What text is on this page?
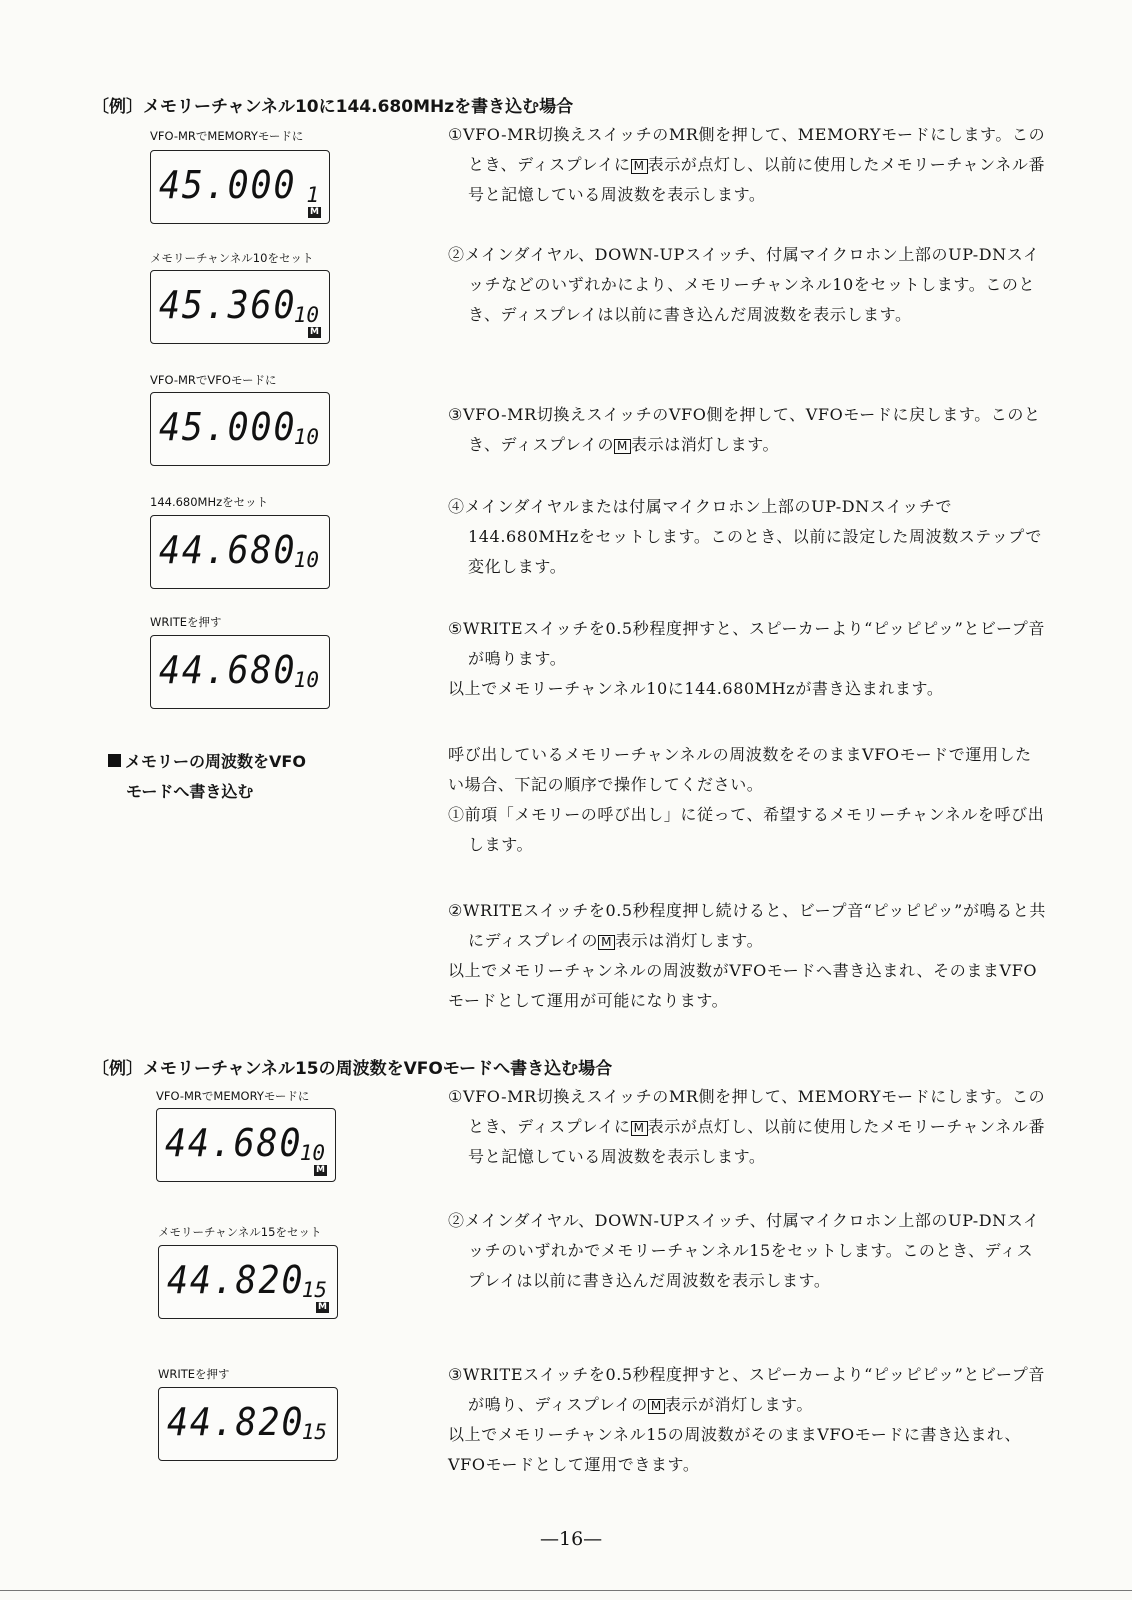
〔例〕メモリーチャンネル10に144.680MHzを書き込む場合
VFO-MRでMEMORYモードに
45.000 1
M

①VFO-MR切換えスイッチのMR側を押して、MEMORYモードにします。このとき、ディスプレイに M 表示が点灯し、以前に使用したメモリーチャンネル番号と記憶している周波数を表示します。

メモリーチャンネル10をセット
45.360
10
M

②メインダイヤル、DOWN-UPスイッチ、付属マイクロホン上部のUP-DNスイッチなどのいずれかにより、メモリーチャンネル10をセットします。このとき、ディスプレイは以前に書き込んだ周波数を表示します。

VFO-MRでVFOモードに
45.000
10

③VFO-MR切換えスイッチのVFO側を押して、VFOモードに戻します。このとき、ディスプレイの M 表示は消灯します。

144.680MHzをセット
44.680
10

④メインダイヤルまたは付属マイクロホン上部のUP-DNスイッチで144.680MHzをセットします。このとき、以前に設定した周波数ステップで変化します。

WRITEを押す
44.680
10

⑤WRITEスイッチを0.5秒程度押すと、スピーカーより“ピッピピッ”とビープ音が鳴ります。

以上でメモリーチャンネル10に144.680MHzが書き込まれます。

メモリーの周波数をVFO
モードへ書き込む

呼び出しているメモリーチャンネルの周波数をそのままVFOモードで運用したい場合、下記の順序で操作してください。

①前項「メモリーの呼び出し」に従って、希望するメモリーチャンネルを呼び出します。

②WRITEスイッチを0.5秒程度押し続けると、ビープ音“ピッピピッ”が鳴ると共にディスプレイの M 表示は消灯します。

以上でメモリーチャンネルの周波数がVFOモードへ書き込まれ、そのままVFOモードとして運用が可能になります。

〔例〕メモリーチャンネル15の周波数をVFOモードへ書き込む場合
VFO-MRでMEMORYモードに
44.680
10
M

①VFO-MR切換えスイッチのMR側を押して、MEMORYモードにします。このとき、ディスプレイに M 表示が点灯し、以前に使用したメモリーチャンネル番号と記憶している周波数を表示します。

メモリーチャンネル15をセット
44.820
15
M

②メインダイヤル、DOWN-UPスイッチ、付属マイクロホン上部のUP-DNスイッチのいずれかでメモリーチャンネル15をセットします。このとき、ディスプレイは以前に書き込んだ周波数を表示します。

WRITEを押す
44.820
15

③WRITEスイッチを0.5秒程度押すと、スピーカーより“ピッピピッ”とビープ音が鳴り、ディスプレイの M 表示が消灯します。

以上でメモリーチャンネル15の周波数がそのままVFOモードに書き込まれ、VFOモードとして運用できます。

—16—
